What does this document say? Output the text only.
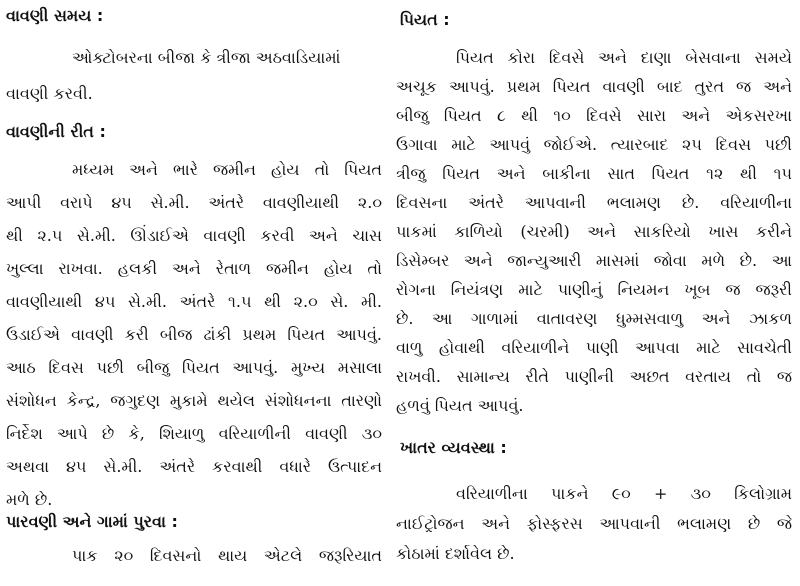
વાવણી સમય :

ઓક્ટોબરના બીજા કે ત્રીજા અઠવાડિયામાં

વાવણી કરવી.

વાવણીની રીત :

મધ્યમ અને ભારે જમીન હોય તો પિયત

આપી વરાપે ૪૫ સે.મી. અંતરે વાવણીયાથી ૨.૦

થી ૨.૫ સે.મી. ઊંડાઈએ વાવણી કરવી અને ચાસ

ખુલ્લા રાખવા. હલકી અને રેતાળ જમીન હોય તો

વાવણીયાથી ૪૫ સે.મી. અંતરે ૧.૫ થી ૨.૦ સે. મી.

ઉડાઈએ વાવણી કરી બીજ ઢાંકી પ્રથમ પિયત આપવું.

આઠ દિવસ પછી બીજુ પિયત આપવું. મુખ્ય મસાલા

સંશોધન કેન્દ્ર, જગુદણ મુકામે થયેલ સંશોધનના તારણો

નિર્દેશ આપે છે કે, શિયાળુ વરિયાળીની વાવણી ૩૦

અથવા ૪૫ સે.મી. અંતરે કરવાથી વધારે ઉત્પાદન

મળે છે.

પારવણી અને ગામાં પુરવા :

પાક ૨૦ દિવસનો થાય એટલે જરૂરિયાત

પિયત :

પિયત કોરા દિવસે અને દાણા બેસવાના સમયે

અચૂક આપવું. પ્રથમ પિયત વાવણી બાદ તુરત જ અને

બીજુ પિયત ૮ થી ૧૦ દિવસે સારા અને એકસરખા

ઉગાવા માટે આપવું જોઈએ. ત્યારબાદ ૨૫ દિવસ પછી

ત્રીજુ પિયત અને બાકીના સાત પિયત ૧૨ થી ૧૫

દિવસના અંતરે આપવાની ભલામણ છે. વરિયાળીના

પાકમાં કાળિયો (ચરમી) અને સાકરિયો ખાસ કરીને

ડિસેમ્બર અને જાન્યુઆરી માસમાં જોવા મળે છે. આ

રોગના નિયંત્રણ માટે પાણીનું નિયમન ખૂબ જ જરૂરી

છે. આ ગાળામાં વાતાવરણ ધુમ્મસવાળુ અને ઝાકળ

વાળુ હોવાથી વરિયાળીને પાણી આપવા માટે સાવચેતી

રાખવી. સામાન્ય રીતે પાણીની અછત વરતાય તો જ

હળવું પિયત આપવું.

ખાતર વ્યવસ્થા :

વરિયાળીના પાકને ૯૦ + ૩૦ કિલોગ્રામ

નાઈટ્રોજન અને ફોસ્ફરસ આપવાની ભલામણ છે જે

કોઠામાં દર્શાવેલ છે.
